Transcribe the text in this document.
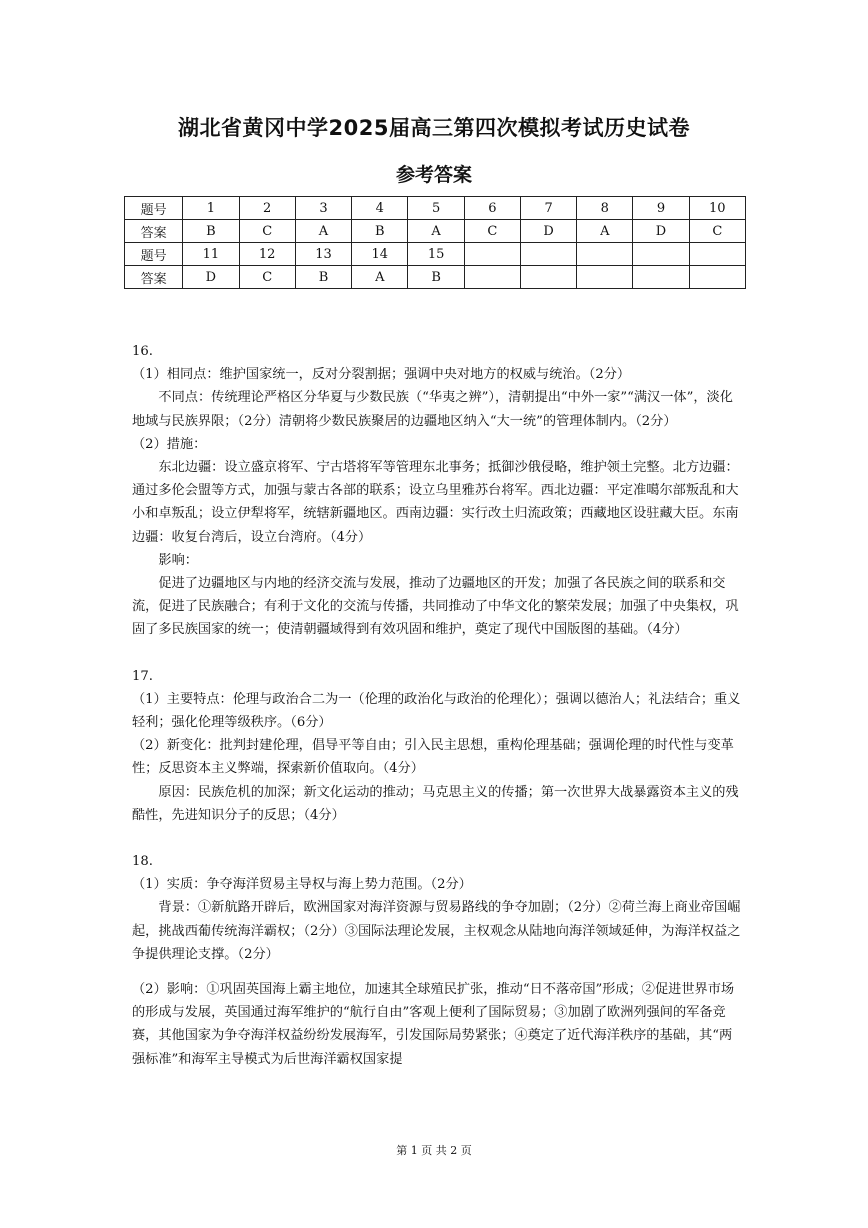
湖北省黄冈中学2025届高三第四次模拟考试历史试卷
参考答案
题号	1	2	3	4	5	6	7	8	9	10
答案	B	C	A	B	A	C	D	A	D	C
题号	11	12	13	14	15					
答案	D	C	B	A	B					

16.

（1）相同点：维护国家统一，反对分裂割据；强调中央对地方的权威与统治。（2分）

不同点：传统理论严格区分华夏与少数民族（“华夷之辨”），清朝提出“中外一家”“满汉一体”，淡化地域与民族界限；（2分）清朝将少数民族聚居的边疆地区纳入“大一统”的管理体制内。（2分）

（2）措施：

东北边疆：设立盛京将军、宁古塔将军等管理东北事务；抵御沙俄侵略，维护领土完整。北方边疆：通过多伦会盟等方式，加强与蒙古各部的联系；设立乌里雅苏台将军。西北边疆：平定准噶尔部叛乱和大小和卓叛乱；设立伊犁将军，统辖新疆地区。西南边疆：实行改土归流政策；西藏地区设驻藏大臣。东南边疆：收复台湾后，设立台湾府。（4分）

影响：

促进了边疆地区与内地的经济交流与发展，推动了边疆地区的开发；加强了各民族之间的联系和交流，促进了民族融合；有利于文化的交流与传播，共同推动了中华文化的繁荣发展；加强了中央集权，巩固了多民族国家的统一；使清朝疆域得到有效巩固和维护，奠定了现代中国版图的基础。（4分）

17.

（1）主要特点：伦理与政治合二为一（伦理的政治化与政治的伦理化）；强调以德治人；礼法结合；重义轻利；强化伦理等级秩序。（6分）

（2）新变化：批判封建伦理，倡导平等自由；引入民主思想，重构伦理基础；强调伦理的时代性与变革性；反思资本主义弊端，探索新价值取向。（4分）

原因：民族危机的加深；新文化运动的推动；马克思主义的传播；第一次世界大战暴露资本主义的残酷性，先进知识分子的反思；（4分）

18.

（1）实质：争夺海洋贸易主导权与海上势力范围。（2分）

背景：①新航路开辟后，欧洲国家对海洋资源与贸易路线的争夺加剧；（2分）②荷兰海上商业帝国崛起，挑战西葡传统海洋霸权；（2分）③国际法理论发展，主权观念从陆地向海洋领域延伸，为海洋权益之争提供理论支撑。（2分）

（2）影响：①巩固英国海上霸主地位，加速其全球殖民扩张，推动“日不落帝国”形成；②促进世界市场的形成与发展，英国通过海军维护的“航行自由”客观上便利了国际贸易；③加剧了欧洲列强间的军备竞赛，其他国家为争夺海洋权益纷纷发展海军，引发国际局势紧张；④奠定了近代海洋秩序的基础，其“两强标准”和海军主导模式为后世海洋霸权国家提

第 1 页 共 2 页
